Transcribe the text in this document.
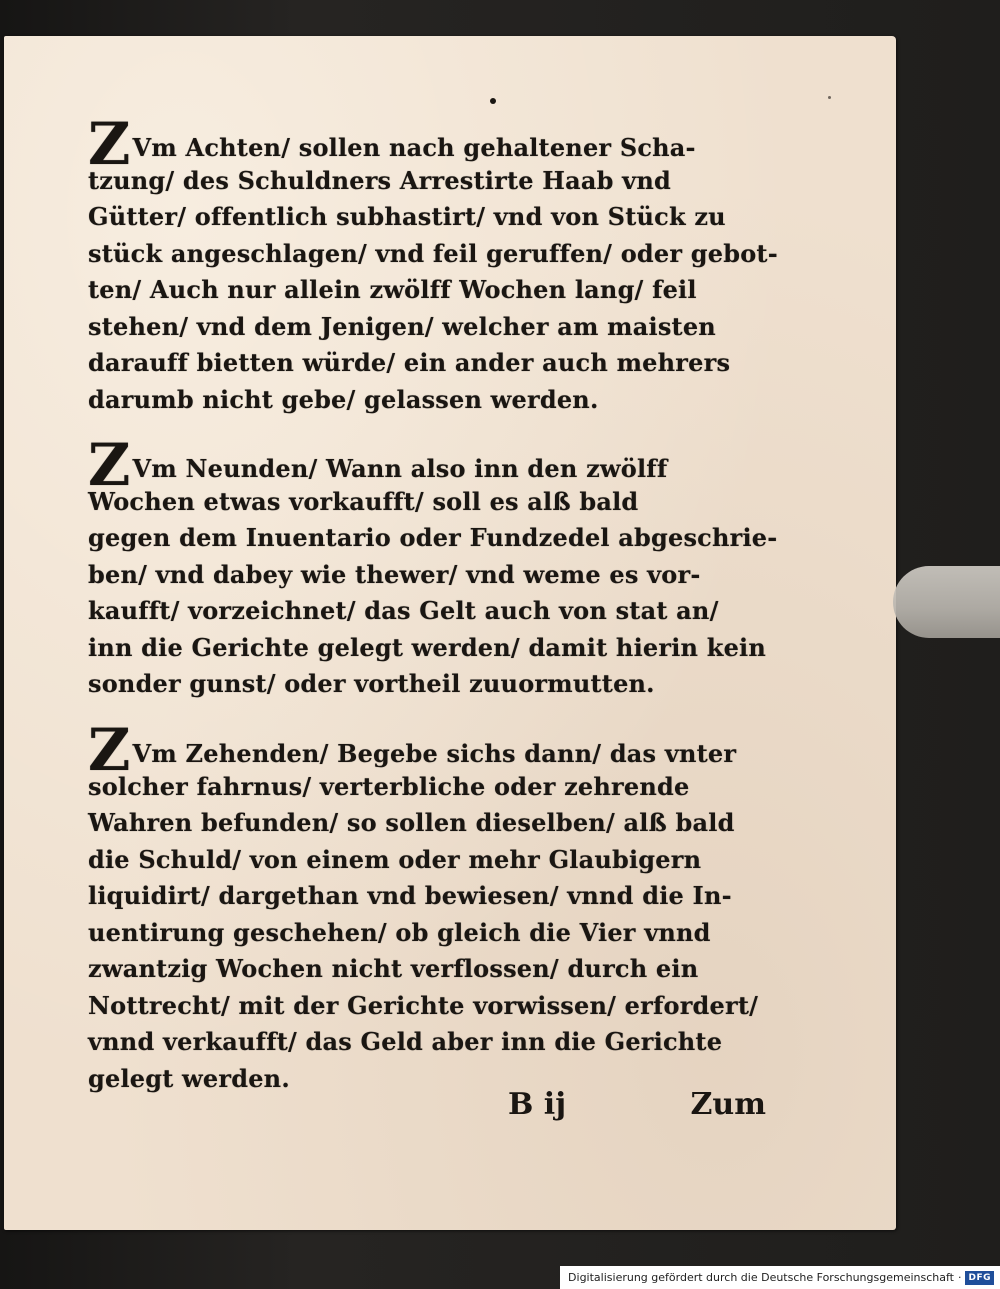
ZVm Achten/ sollen nach gehaltener Scha-
tzung/ des Schuldners Arrestirte Haab vnd
Gütter/ offentlich subhastirt/ vnd von Stück zu
stück angeschlagen/ vnd feil geruffen/ oder gebot-
ten/ Auch nur allein zwölff Wochen lang/ feil
stehen/ vnd dem Jenigen/ welcher am maisten
darauff bietten würde/ ein ander auch mehrers
darumb nicht gebe/ gelassen werden.
ZVm Neunden/ Wann also inn den zwölff
Wochen etwas vorkaufft/ soll es alß bald
gegen dem Inuentario oder Fundzedel abgeschrie-
ben/ vnd dabey wie thewer/ vnd weme es vor-
kaufft/ vorzeichnet/ das Gelt auch von stat an/
inn die Gerichte gelegt werden/ damit hierin kein
sonder gunst/ oder vortheil zuuormutten.
ZVm Zehenden/ Begebe sichs dann/ das vnter
solcher fahrnus/ verterbliche oder zehrende
Wahren befunden/ so sollen dieselben/ alß bald
die Schuld/ von einem oder mehr Glaubigern
liquidirt/ dargethan vnd bewiesen/ vnnd die In-
uentirung geschehen/ ob gleich die Vier vnnd
zwantzig Wochen nicht verflossen/ durch ein
Nottrecht/ mit der Gerichte vorwissen/ erfordert/
vnnd verkaufft/ das Geld aber inn die Gerichte
gelegt werden.
B ij	Zum
Digitalisierung gefördert durch die Deutsche Forschungsgemeinschaft · DFG
